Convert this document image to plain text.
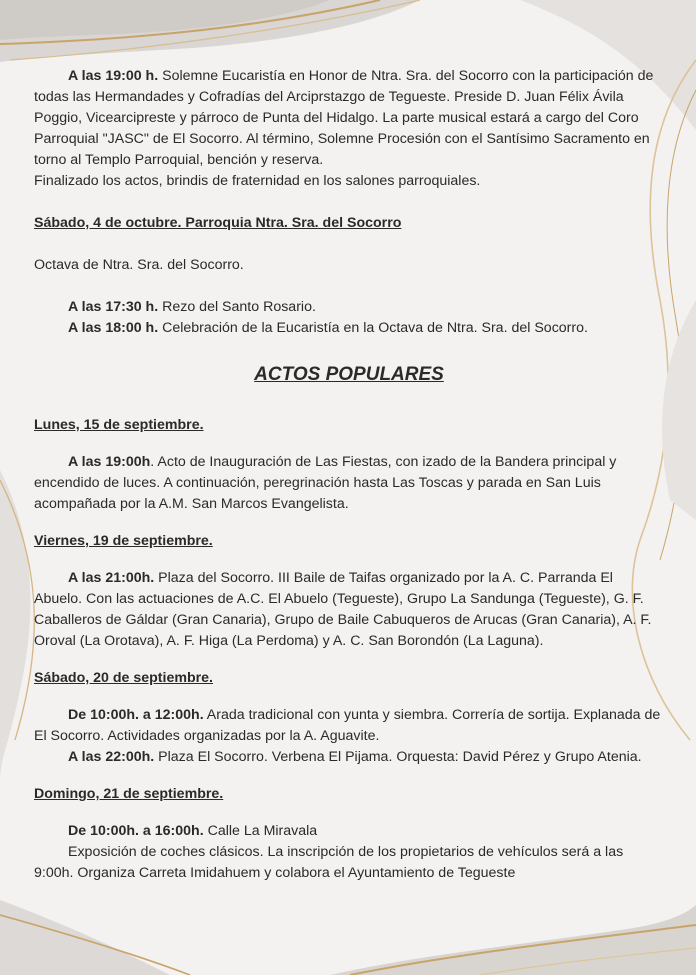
A las 19:00 h. Solemne Eucaristía en Honor de Ntra. Sra. del Socorro con la participación de todas las Hermandades y Cofradías del Arciprstazgo de Tegueste. Preside D. Juan Félix Ávila Poggio, Vicearcipreste y párroco de Punta del Hidalgo. La parte musical estará a cargo del Coro Parroquial "JASC" de El Socorro. Al término, Solemne Procesión con el Santísimo Sacramento en torno al Templo Parroquial, bención y reserva.

Finalizado los actos, brindis de fraternidad en los salones parroquiales.

Sábado, 4 de octubre. Parroquia Ntra. Sra. del Socorro

Octava de Ntra. Sra. del Socorro.

A las 17:30 h. Rezo del Santo Rosario.

A las 18:00 h. Celebración de la Eucaristía en la Octava de Ntra. Sra. del Socorro.

ACTOS POPULARES

Lunes, 15 de septiembre.

A las 19:00h. Acto de Inauguración de Las Fiestas, con izado de la Bandera principal y encendido de luces. A continuación, peregrinación hasta Las Toscas y parada en San Luis acompañada por la A.M. San Marcos Evangelista.

Viernes, 19 de septiembre.

A las 21:00h. Plaza del Socorro. III Baile de Taifas organizado por la A. C. Parranda El Abuelo. Con las actuaciones de A.C. El Abuelo (Tegueste), Grupo La Sandunga (Tegueste), G. F. Caballeros de Gáldar (Gran Canaria), Grupo de Baile Cabuqueros de Arucas (Gran Canaria), A. F. Oroval (La Orotava), A. F. Higa (La Perdoma) y A. C. San Borondón (La Laguna).

Sábado, 20 de septiembre.

De 10:00h. a 12:00h. Arada tradicional con yunta y siembra. Correría de sortija. Explanada de El Socorro. Actividades organizadas por la A. Aguavite.

A las 22:00h. Plaza El Socorro. Verbena El Pijama. Orquesta: David Pérez y Grupo Atenia.

Domingo, 21 de septiembre.

De 10:00h. a 16:00h. Calle La Miravala

Exposición de coches clásicos. La inscripción de los propietarios de vehículos será a las 9:00h. Organiza Carreta Imidahuem y colabora el Ayuntamiento de Tegueste
